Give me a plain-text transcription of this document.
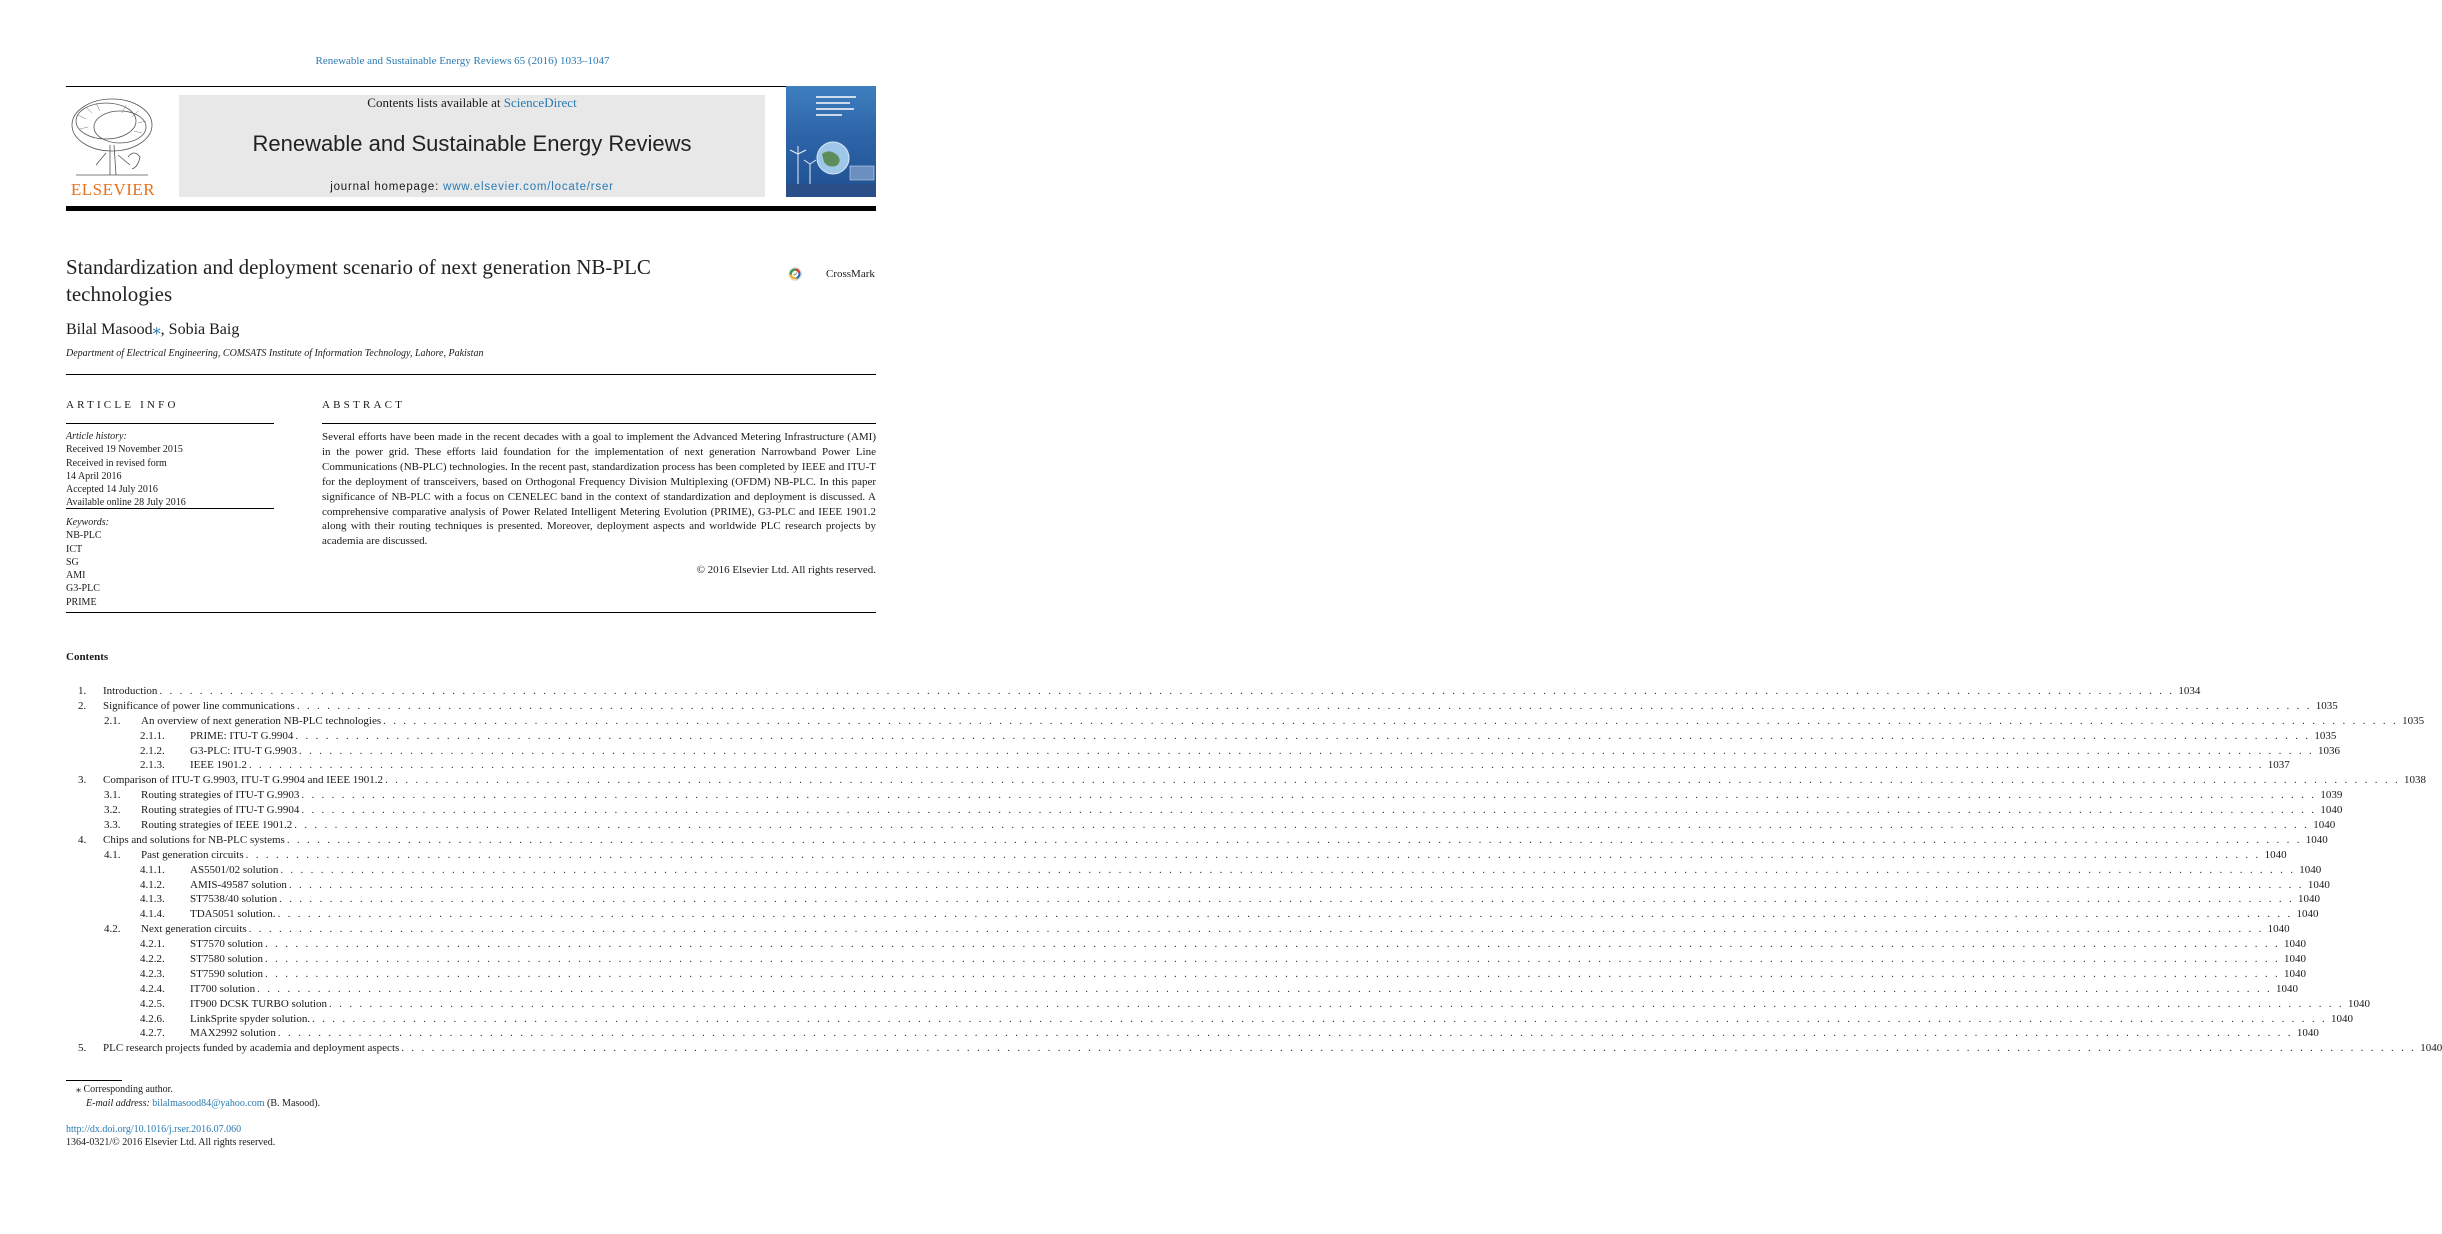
Renewable and Sustainable Energy Reviews 65 (2016) 1033–1047
ELSEVIER
Contents lists available at ScienceDirect
Renewable and Sustainable Energy Reviews
journal homepage: www.elsevier.com/locate/rser
Standardization and deployment scenario of next generation NB-PLC
technologies
CrossMark
Bilal Masood⁎, Sobia Baig
Department of Electrical Engineering, COMSATS Institute of Information Technology, Lahore, Pakistan
ARTICLE INFO
Article history:
Received 19 November 2015
Received in revised form
14 April 2016
Accepted 14 July 2016
Available online 28 July 2016
Keywords:
NB-PLC
ICT
SG
AMI
G3-PLC
PRIME
ABSTRACT
Several efforts have been made in the recent decades with a goal to implement the Advanced Metering Infrastructure (AMI) in the power grid. These efforts laid foundation for the implementation of next generation Narrowband Power Line Communications (NB-PLC) technologies. In the recent past, standardization process has been completed by IEEE and ITU-T for the deployment of transceivers, based on Orthogonal Frequency Division Multiplexing (OFDM) NB-PLC. In this paper significance of NB-PLC with a focus on CENELEC band in the context of standardization and deployment is discussed. A comprehensive comparative analysis of Power Related Intelligent Metering Evolution (PRIME), G3-PLC and IEEE 1901.2 along with their routing techniques is presented. Moreover, deployment aspects and worldwide PLC research projects by academia are discussed.
© 2016 Elsevier Ltd. All rights reserved.
Contents
1. Introduction . . . . . . . . . . . . . . . . . . . . . . . . . . . . . . . . . . . . . . . . . . . . . . . . . . . . . . . . . . . . . . . . . . . . . . . . . . . . . . . . . . . . . . . . . . . . . . . . . . . . . . . . . . . . . . . . . . . . . . . . . . . . . . . . . . . . . . . . . . . . . . . . . . . . . . . . . . . . . . . . . . . . . . . . . . . . . . . . . . . . . . . . . . . . . . . . . . . . . . . . 1034
2. Significance of power line communications . . . . . . . . . . . . . . . . . . . . . . . . . . . . . . . . . . . . . . . . . . . . . . . . . . . . . . . . . . . . . . . . . . . . . . . . . . . . . . . . . . . . . . . . . . . . . . . . . . . . . . . . . . . . . . . . . . . . . . . . . . . . . . . . . . . . . . . . . . . . . . . . . . . . . . . . . . . . . . . . . . . . . . . . . . . . . . . . . . . . . . . . . . . . . . . . . . . . . . . . 1035
2.1. An overview of next generation NB-PLC technologies . . . . . . . . . . . . . . . . . . . . . . . . . . . . . . . . . . . . . . . . . . . . . . . . . . . . . . . . . . . . . . . . . . . . . . . . . . . . . . . . . . . . . . . . . . . . . . . . . . . . . . . . . . . . . . . . . . . . . . . . . . . . . . . . . . . . . . . . . . . . . . . . . . . . . . . . . . . . . . . . . . . . . . . . . . . . . . . . . . . . . . . . . . . . . . . . . . . . . . . . 1035
2.1.1. PRIME: ITU-T G.9904 . . . . . . . . . . . . . . . . . . . . . . . . . . . . . . . . . . . . . . . . . . . . . . . . . . . . . . . . . . . . . . . . . . . . . . . . . . . . . . . . . . . . . . . . . . . . . . . . . . . . . . . . . . . . . . . . . . . . . . . . . . . . . . . . . . . . . . . . . . . . . . . . . . . . . . . . . . . . . . . . . . . . . . . . . . . . . . . . . . . . . . . . . . . . . . . . . . . . . . . . 1035
2.1.2. G3-PLC: ITU-T G.9903 . . . . . . . . . . . . . . . . . . . . . . . . . . . . . . . . . . . . . . . . . . . . . . . . . . . . . . . . . . . . . . . . . . . . . . . . . . . . . . . . . . . . . . . . . . . . . . . . . . . . . . . . . . . . . . . . . . . . . . . . . . . . . . . . . . . . . . . . . . . . . . . . . . . . . . . . . . . . . . . . . . . . . . . . . . . . . . . . . . . . . . . . . . . . . . . . . . . . . . . . 1036
2.1.3. IEEE 1901.2 . . . . . . . . . . . . . . . . . . . . . . . . . . . . . . . . . . . . . . . . . . . . . . . . . . . . . . . . . . . . . . . . . . . . . . . . . . . . . . . . . . . . . . . . . . . . . . . . . . . . . . . . . . . . . . . . . . . . . . . . . . . . . . . . . . . . . . . . . . . . . . . . . . . . . . . . . . . . . . . . . . . . . . . . . . . . . . . . . . . . . . . . . . . . . . . . . . . . . . . . 1037
3. Comparison of ITU-T G.9903, ITU-T G.9904 and IEEE 1901.2 . . . . . . . . . . . . . . . . . . . . . . . . . . . . . . . . . . . . . . . . . . . . . . . . . . . . . . . . . . . . . . . . . . . . . . . . . . . . . . . . . . . . . . . . . . . . . . . . . . . . . . . . . . . . . . . . . . . . . . . . . . . . . . . . . . . . . . . . . . . . . . . . . . . . . . . . . . . . . . . . . . . . . . . . . . . . . . . . . . . . . . . . . . . . . . . . . . . . . . . . 1038
3.1. Routing strategies of ITU-T G.9903 . . . . . . . . . . . . . . . . . . . . . . . . . . . . . . . . . . . . . . . . . . . . . . . . . . . . . . . . . . . . . . . . . . . . . . . . . . . . . . . . . . . . . . . . . . . . . . . . . . . . . . . . . . . . . . . . . . . . . . . . . . . . . . . . . . . . . . . . . . . . . . . . . . . . . . . . . . . . . . . . . . . . . . . . . . . . . . . . . . . . . . . . . . . . . . . . . . . . . . . . 1039
3.2. Routing strategies of ITU-T G.9904 . . . . . . . . . . . . . . . . . . . . . . . . . . . . . . . . . . . . . . . . . . . . . . . . . . . . . . . . . . . . . . . . . . . . . . . . . . . . . . . . . . . . . . . . . . . . . . . . . . . . . . . . . . . . . . . . . . . . . . . . . . . . . . . . . . . . . . . . . . . . . . . . . . . . . . . . . . . . . . . . . . . . . . . . . . . . . . . . . . . . . . . . . . . . . . . . . . . . . . . . 1040
3.3. Routing strategies of IEEE 1901.2 . . . . . . . . . . . . . . . . . . . . . . . . . . . . . . . . . . . . . . . . . . . . . . . . . . . . . . . . . . . . . . . . . . . . . . . . . . . . . . . . . . . . . . . . . . . . . . . . . . . . . . . . . . . . . . . . . . . . . . . . . . . . . . . . . . . . . . . . . . . . . . . . . . . . . . . . . . . . . . . . . . . . . . . . . . . . . . . . . . . . . . . . . . . . . . . . . . . . . . . . 1040
4. Chips and solutions for NB-PLC systems . . . . . . . . . . . . . . . . . . . . . . . . . . . . . . . . . . . . . . . . . . . . . . . . . . . . . . . . . . . . . . . . . . . . . . . . . . . . . . . . . . . . . . . . . . . . . . . . . . . . . . . . . . . . . . . . . . . . . . . . . . . . . . . . . . . . . . . . . . . . . . . . . . . . . . . . . . . . . . . . . . . . . . . . . . . . . . . . . . . . . . . . . . . . . . . . . . . . . . . . 1040
4.1. Past generation circuits . . . . . . . . . . . . . . . . . . . . . . . . . . . . . . . . . . . . . . . . . . . . . . . . . . . . . . . . . . . . . . . . . . . . . . . . . . . . . . . . . . . . . . . . . . . . . . . . . . . . . . . . . . . . . . . . . . . . . . . . . . . . . . . . . . . . . . . . . . . . . . . . . . . . . . . . . . . . . . . . . . . . . . . . . . . . . . . . . . . . . . . . . . . . . . . . . . . . . . . . 1040
4.1.1. AS5501/02 solution . . . . . . . . . . . . . . . . . . . . . . . . . . . . . . . . . . . . . . . . . . . . . . . . . . . . . . . . . . . . . . . . . . . . . . . . . . . . . . . . . . . . . . . . . . . . . . . . . . . . . . . . . . . . . . . . . . . . . . . . . . . . . . . . . . . . . . . . . . . . . . . . . . . . . . . . . . . . . . . . . . . . . . . . . . . . . . . . . . . . . . . . . . . . . . . . . . . . . . . . 1040
4.1.2. AMIS-49587 solution . . . . . . . . . . . . . . . . . . . . . . . . . . . . . . . . . . . . . . . . . . . . . . . . . . . . . . . . . . . . . . . . . . . . . . . . . . . . . . . . . . . . . . . . . . . . . . . . . . . . . . . . . . . . . . . . . . . . . . . . . . . . . . . . . . . . . . . . . . . . . . . . . . . . . . . . . . . . . . . . . . . . . . . . . . . . . . . . . . . . . . . . . . . . . . . . . . . . . . . . 1040
4.1.3. ST7538/40 solution . . . . . . . . . . . . . . . . . . . . . . . . . . . . . . . . . . . . . . . . . . . . . . . . . . . . . . . . . . . . . . . . . . . . . . . . . . . . . . . . . . . . . . . . . . . . . . . . . . . . . . . . . . . . . . . . . . . . . . . . . . . . . . . . . . . . . . . . . . . . . . . . . . . . . . . . . . . . . . . . . . . . . . . . . . . . . . . . . . . . . . . . . . . . . . . . . . . . . . . . 1040
4.1.4. TDA5051 solution. . . . . . . . . . . . . . . . . . . . . . . . . . . . . . . . . . . . . . . . . . . . . . . . . . . . . . . . . . . . . . . . . . . . . . . . . . . . . . . . . . . . . . . . . . . . . . . . . . . . . . . . . . . . . . . . . . . . . . . . . . . . . . . . . . . . . . . . . . . . . . . . . . . . . . . . . . . . . . . . . . . . . . . . . . . . . . . . . . . . . . . . . . . . . . . . . . . . . . . . . 1040
4.2. Next generation circuits . . . . . . . . . . . . . . . . . . . . . . . . . . . . . . . . . . . . . . . . . . . . . . . . . . . . . . . . . . . . . . . . . . . . . . . . . . . . . . . . . . . . . . . . . . . . . . . . . . . . . . . . . . . . . . . . . . . . . . . . . . . . . . . . . . . . . . . . . . . . . . . . . . . . . . . . . . . . . . . . . . . . . . . . . . . . . . . . . . . . . . . . . . . . . . . . . . . . . . . . 1040
4.2.1. ST7570 solution . . . . . . . . . . . . . . . . . . . . . . . . . . . . . . . . . . . . . . . . . . . . . . . . . . . . . . . . . . . . . . . . . . . . . . . . . . . . . . . . . . . . . . . . . . . . . . . . . . . . . . . . . . . . . . . . . . . . . . . . . . . . . . . . . . . . . . . . . . . . . . . . . . . . . . . . . . . . . . . . . . . . . . . . . . . . . . . . . . . . . . . . . . . . . . . . . . . . . . . . 1040
4.2.2. ST7580 solution . . . . . . . . . . . . . . . . . . . . . . . . . . . . . . . . . . . . . . . . . . . . . . . . . . . . . . . . . . . . . . . . . . . . . . . . . . . . . . . . . . . . . . . . . . . . . . . . . . . . . . . . . . . . . . . . . . . . . . . . . . . . . . . . . . . . . . . . . . . . . . . . . . . . . . . . . . . . . . . . . . . . . . . . . . . . . . . . . . . . . . . . . . . . . . . . . . . . . . . . 1040
4.2.3. ST7590 solution . . . . . . . . . . . . . . . . . . . . . . . . . . . . . . . . . . . . . . . . . . . . . . . . . . . . . . . . . . . . . . . . . . . . . . . . . . . . . . . . . . . . . . . . . . . . . . . . . . . . . . . . . . . . . . . . . . . . . . . . . . . . . . . . . . . . . . . . . . . . . . . . . . . . . . . . . . . . . . . . . . . . . . . . . . . . . . . . . . . . . . . . . . . . . . . . . . . . . . . . 1040
4.2.4. IT700 solution . . . . . . . . . . . . . . . . . . . . . . . . . . . . . . . . . . . . . . . . . . . . . . . . . . . . . . . . . . . . . . . . . . . . . . . . . . . . . . . . . . . . . . . . . . . . . . . . . . . . . . . . . . . . . . . . . . . . . . . . . . . . . . . . . . . . . . . . . . . . . . . . . . . . . . . . . . . . . . . . . . . . . . . . . . . . . . . . . . . . . . . . . . . . . . . . . . . . . . . . 1040
4.2.5. IT900 DCSK TURBO solution . . . . . . . . . . . . . . . . . . . . . . . . . . . . . . . . . . . . . . . . . . . . . . . . . . . . . . . . . . . . . . . . . . . . . . . . . . . . . . . . . . . . . . . . . . . . . . . . . . . . . . . . . . . . . . . . . . . . . . . . . . . . . . . . . . . . . . . . . . . . . . . . . . . . . . . . . . . . . . . . . . . . . . . . . . . . . . . . . . . . . . . . . . . . . . . . . . . . . . . . 1040
4.2.6. LinkSprite spyder solution. . . . . . . . . . . . . . . . . . . . . . . . . . . . . . . . . . . . . . . . . . . . . . . . . . . . . . . . . . . . . . . . . . . . . . . . . . . . . . . . . . . . . . . . . . . . . . . . . . . . . . . . . . . . . . . . . . . . . . . . . . . . . . . . . . . . . . . . . . . . . . . . . . . . . . . . . . . . . . . . . . . . . . . . . . . . . . . . . . . . . . . . . . . . . . . . . . . . . . . . . 1040
4.2.7. MAX2992 solution . . . . . . . . . . . . . . . . . . . . . . . . . . . . . . . . . . . . . . . . . . . . . . . . . . . . . . . . . . . . . . . . . . . . . . . . . . . . . . . . . . . . . . . . . . . . . . . . . . . . . . . . . . . . . . . . . . . . . . . . . . . . . . . . . . . . . . . . . . . . . . . . . . . . . . . . . . . . . . . . . . . . . . . . . . . . . . . . . . . . . . . . . . . . . . . . . . . . . . . . 1040
5. PLC research projects funded by academia and deployment aspects . . . . . . . . . . . . . . . . . . . . . . . . . . . . . . . . . . . . . . . . . . . . . . . . . . . . . . . . . . . . . . . . . . . . . . . . . . . . . . . . . . . . . . . . . . . . . . . . . . . . . . . . . . . . . . . . . . . . . . . . . . . . . . . . . . . . . . . . . . . . . . . . . . . . . . . . . . . . . . . . . . . . . . . . . . . . . . . . . . . . . . . . . . . . . . . . . . . . . . . . 1040
⁎ Corresponding author.
E-mail address: bilalmasood84@yahoo.com (B. Masood).
http://dx.doi.org/10.1016/j.rser.2016.07.060
1364-0321/© 2016 Elsevier Ltd. All rights reserved.
